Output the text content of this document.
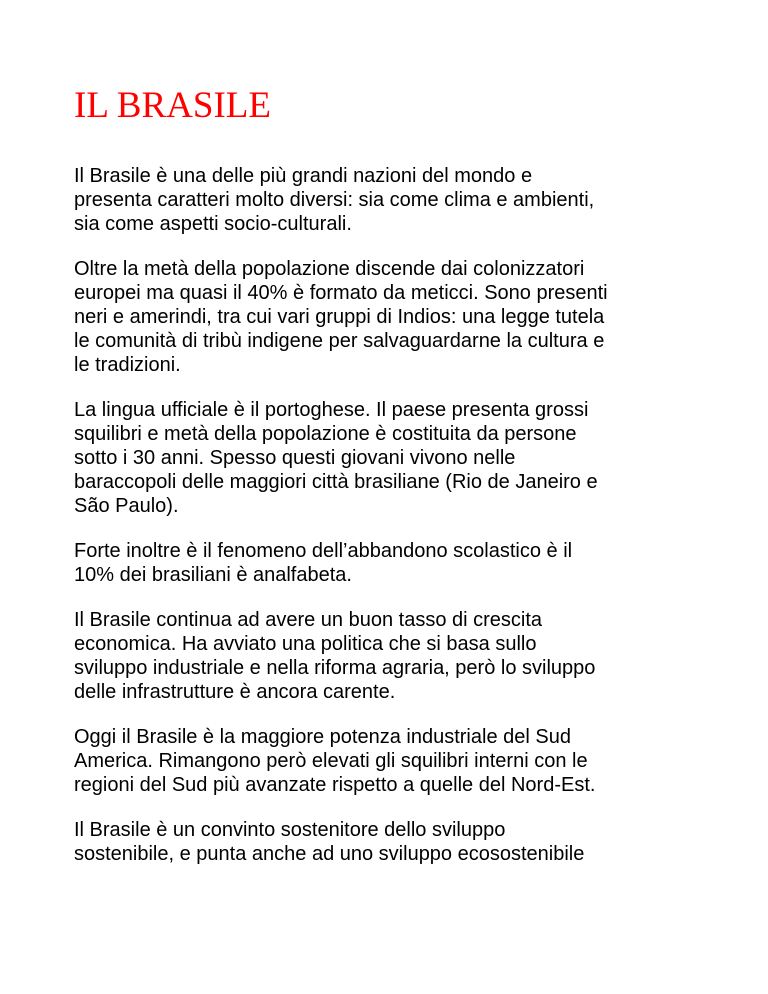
IL BRASILE

Il Brasile è una delle più grandi nazioni del mondo e
presenta caratteri molto diversi: sia come clima e ambienti,
sia come aspetti socio-culturali.

Oltre la metà della popolazione discende dai colonizzatori
europei ma quasi il 40% è formato da meticci. Sono presenti
neri e amerindi, tra cui vari gruppi di Indios: una legge tutela
le comunità di tribù indigene per salvaguardarne la cultura e
le tradizioni.

La lingua ufficiale è il portoghese. Il paese presenta grossi
squilibri e metà della popolazione è costituita da persone
sotto i 30 anni. Spesso questi giovani vivono nelle
baraccopoli delle maggiori città brasiliane (Rio de Janeiro e
São Paulo).

Forte inoltre è il fenomeno dell’abbandono scolastico è il
10% dei brasiliani è analfabeta.

Il Brasile continua ad avere un buon tasso di crescita
economica. Ha avviato una politica che si basa sullo
sviluppo industriale e nella riforma agraria, però lo sviluppo
delle infrastrutture è ancora carente.

Oggi il Brasile è la maggiore potenza industriale del Sud
America. Rimangono però elevati gli squilibri interni con le
regioni del Sud più avanzate rispetto a quelle del Nord-Est.

Il Brasile è un convinto sostenitore dello sviluppo
sostenibile, e punta anche ad uno sviluppo ecosostenibile
